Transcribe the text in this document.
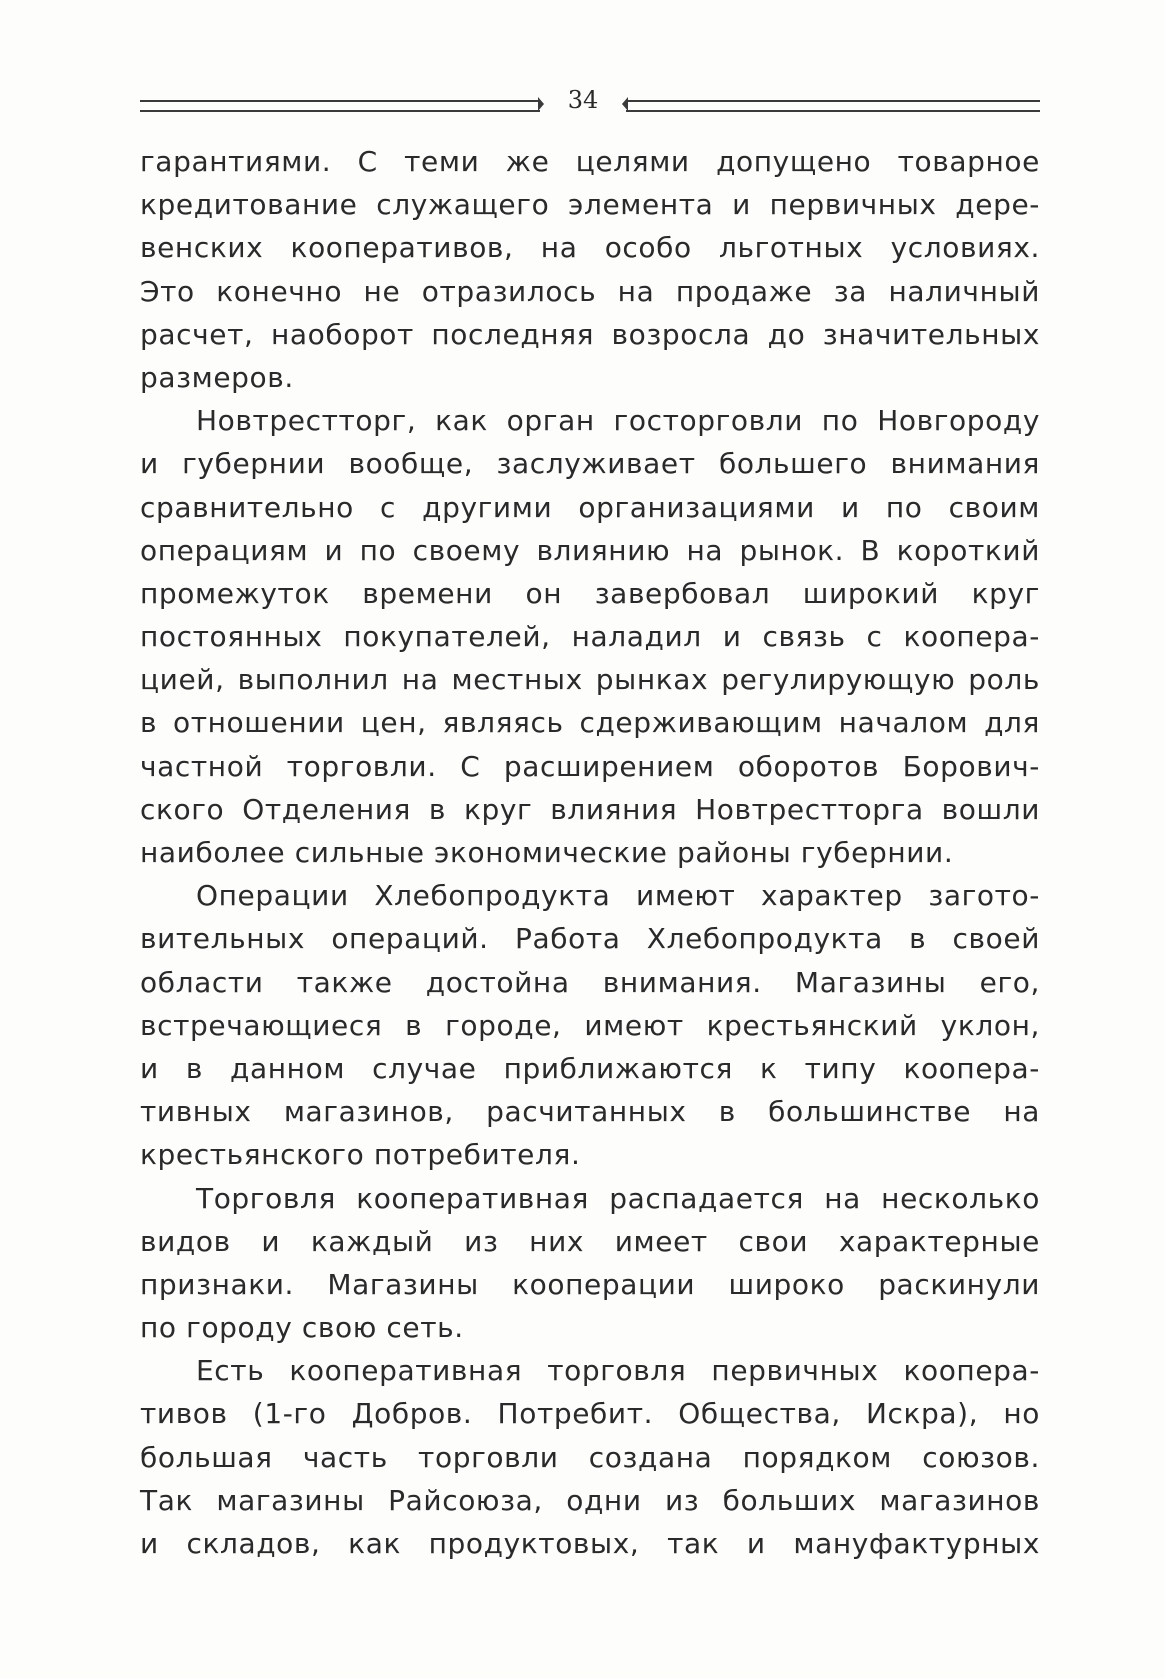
34
гарантиями. С теми же целями допущено товарное
кредитование служащего элемента и первичных дере-
венских кооперативов, на особо льготных условиях.
Это конечно не отразилось на продаже за наличный
расчет, наоборот последняя возросла до значительных
размеров.
Новтрестторг, как орган госторговли по Новгороду
и губернии вообще, заслуживает большего внимания
сравнительно с другими организациями и по своим
операциям и по своему влиянию на рынок. В короткий
промежуток времени он завербовал широкий круг
постоянных покупателей, наладил и связь с коопера-
цией, выполнил на местных рынках регулирующую роль
в отношении цен, являясь сдерживающим началом для
частной торговли. С расширением оборотов Борович-
ского Отделения в круг влияния Новтрестторга вошли
наиболее сильные экономические районы губернии.
Операции Хлебопродукта имеют характер загото-
вительных операций. Работа Хлебопродукта в своей
области также достойна внимания. Магазины его,
встречающиеся в городе, имеют крестьянский уклон,
и в данном случае приближаются к типу коопера-
тивных магазинов, расчитанных в большинстве на
крестьянского потребителя.
Торговля кооперативная распадается на несколько
видов и каждый из них имеет свои характерные
признаки. Магазины кооперации широко раскинули
по городу свою сеть.
Есть кооперативная торговля первичных коопера-
тивов (1-го Добров. Потребит. Общества, Искра), но
большая часть торговли создана порядком союзов.
Так магазины Райсоюза, одни из больших магазинов
и складов, как продуктовых, так и мануфактурных
